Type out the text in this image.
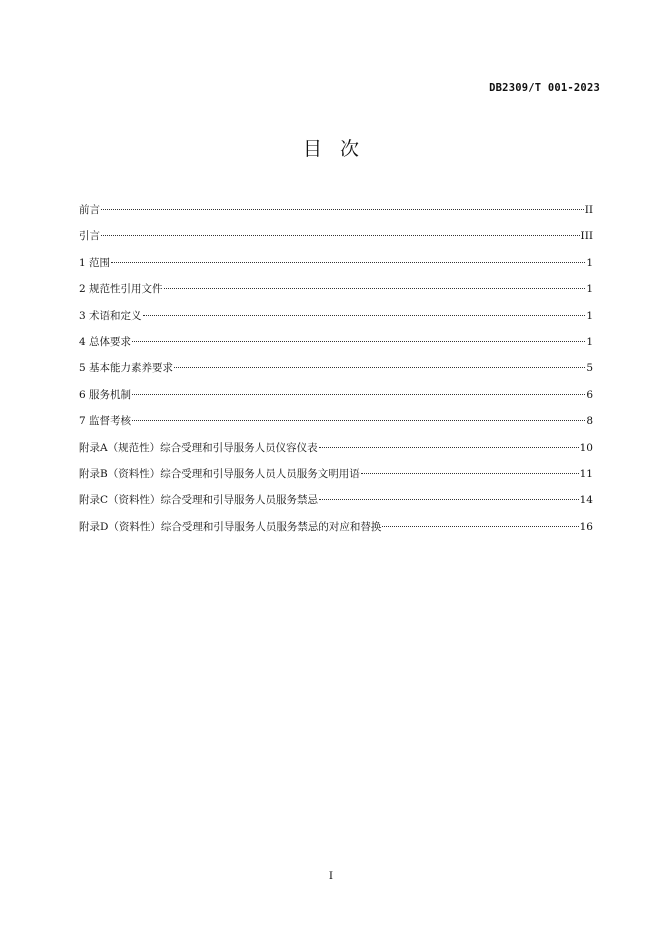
DB2309/T 001-2023
目次
前言	II
引言	III
1 范围	1
2 规范性引用文件	1
3 术语和定义	1
4 总体要求	1
5 基本能力素养要求	5
6 服务机制	6
7 监督考核	8
附录A（规范性）综合受理和引导服务人员仪容仪表	10
附录B（资料性）综合受理和引导服务人员人员服务文明用语	11
附录C（资料性）综合受理和引导服务人员服务禁忌	14
附录D（资料性）综合受理和引导服务人员服务禁忌的对应和替换	16
I
